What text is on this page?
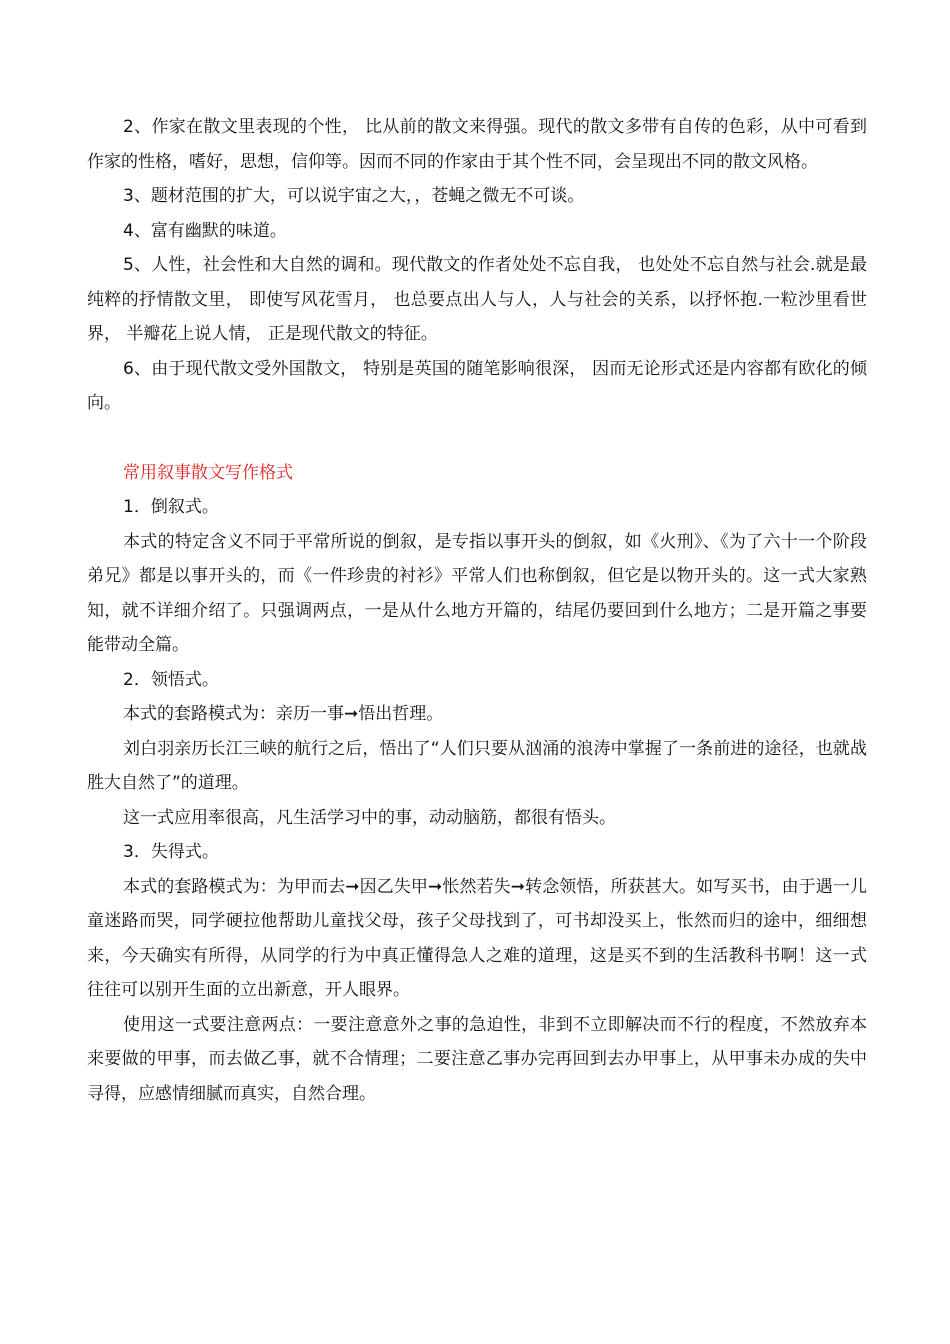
2、作家在散文里表现的个性， 比从前的散文来得强。现代的散文多带有自传的色彩，从中可看到作家的性格，嗜好，思想，信仰等。因而不同的作家由于其个性不同，会呈现出不同的散文风格。

3、题材范围的扩大，可以说宇宙之大，，苍蝇之微无不可谈。

4、富有幽默的味道。

5、人性，社会性和大自然的调和。现代散文的作者处处不忘自我， 也处处不忘自然与社会.就是最纯粹的抒情散文里， 即使写风花雪月， 也总要点出人与人，人与社会的关系，以抒怀抱.一粒沙里看世界， 半瓣花上说人情， 正是现代散文的特征。

6、由于现代散文受外国散文， 特别是英国的随笔影响很深， 因而无论形式还是内容都有欧化的倾向。

常用叙事散文写作格式

1．倒叙式。

本式的特定含义不同于平常所说的倒叙，是专指以事开头的倒叙，如《火刑》、《为了六十一个阶段弟兄》都是以事开头的，而《一件珍贵的衬衫》平常人们也称倒叙，但它是以物开头的。这一式大家熟知，就不详细介绍了。只强调两点，一是从什么地方开篇的，结尾仍要回到什么地方；二是开篇之事要能带动全篇。

2．领悟式。

本式的套路模式为：亲历一事➞悟出哲理。

刘白羽亲历长江三峡的航行之后，悟出了“人们只要从汹涌的浪涛中掌握了一条前进的途径，也就战胜大自然了”的道理。

这一式应用率很高，凡生活学习中的事，动动脑筋，都很有悟头。

3．失得式。

本式的套路模式为：为甲而去➞因乙失甲➞怅然若失➞转念领悟，所获甚大。如写买书，由于遇一儿童迷路而哭，同学硬拉他帮助儿童找父母，孩子父母找到了，可书却没买上，怅然而归的途中，细细想来，今天确实有所得，从同学的行为中真正懂得急人之难的道理，这是买不到的生活教科书啊！这一式往往可以别开生面的立出新意，开人眼界。

使用这一式要注意两点：一要注意意外之事的急迫性，非到不立即解决而不行的程度，不然放弃本来要做的甲事，而去做乙事，就不合情理；二要注意乙事办完再回到去办甲事上，从甲事未办成的失中寻得，应感情细腻而真实，自然合理。
